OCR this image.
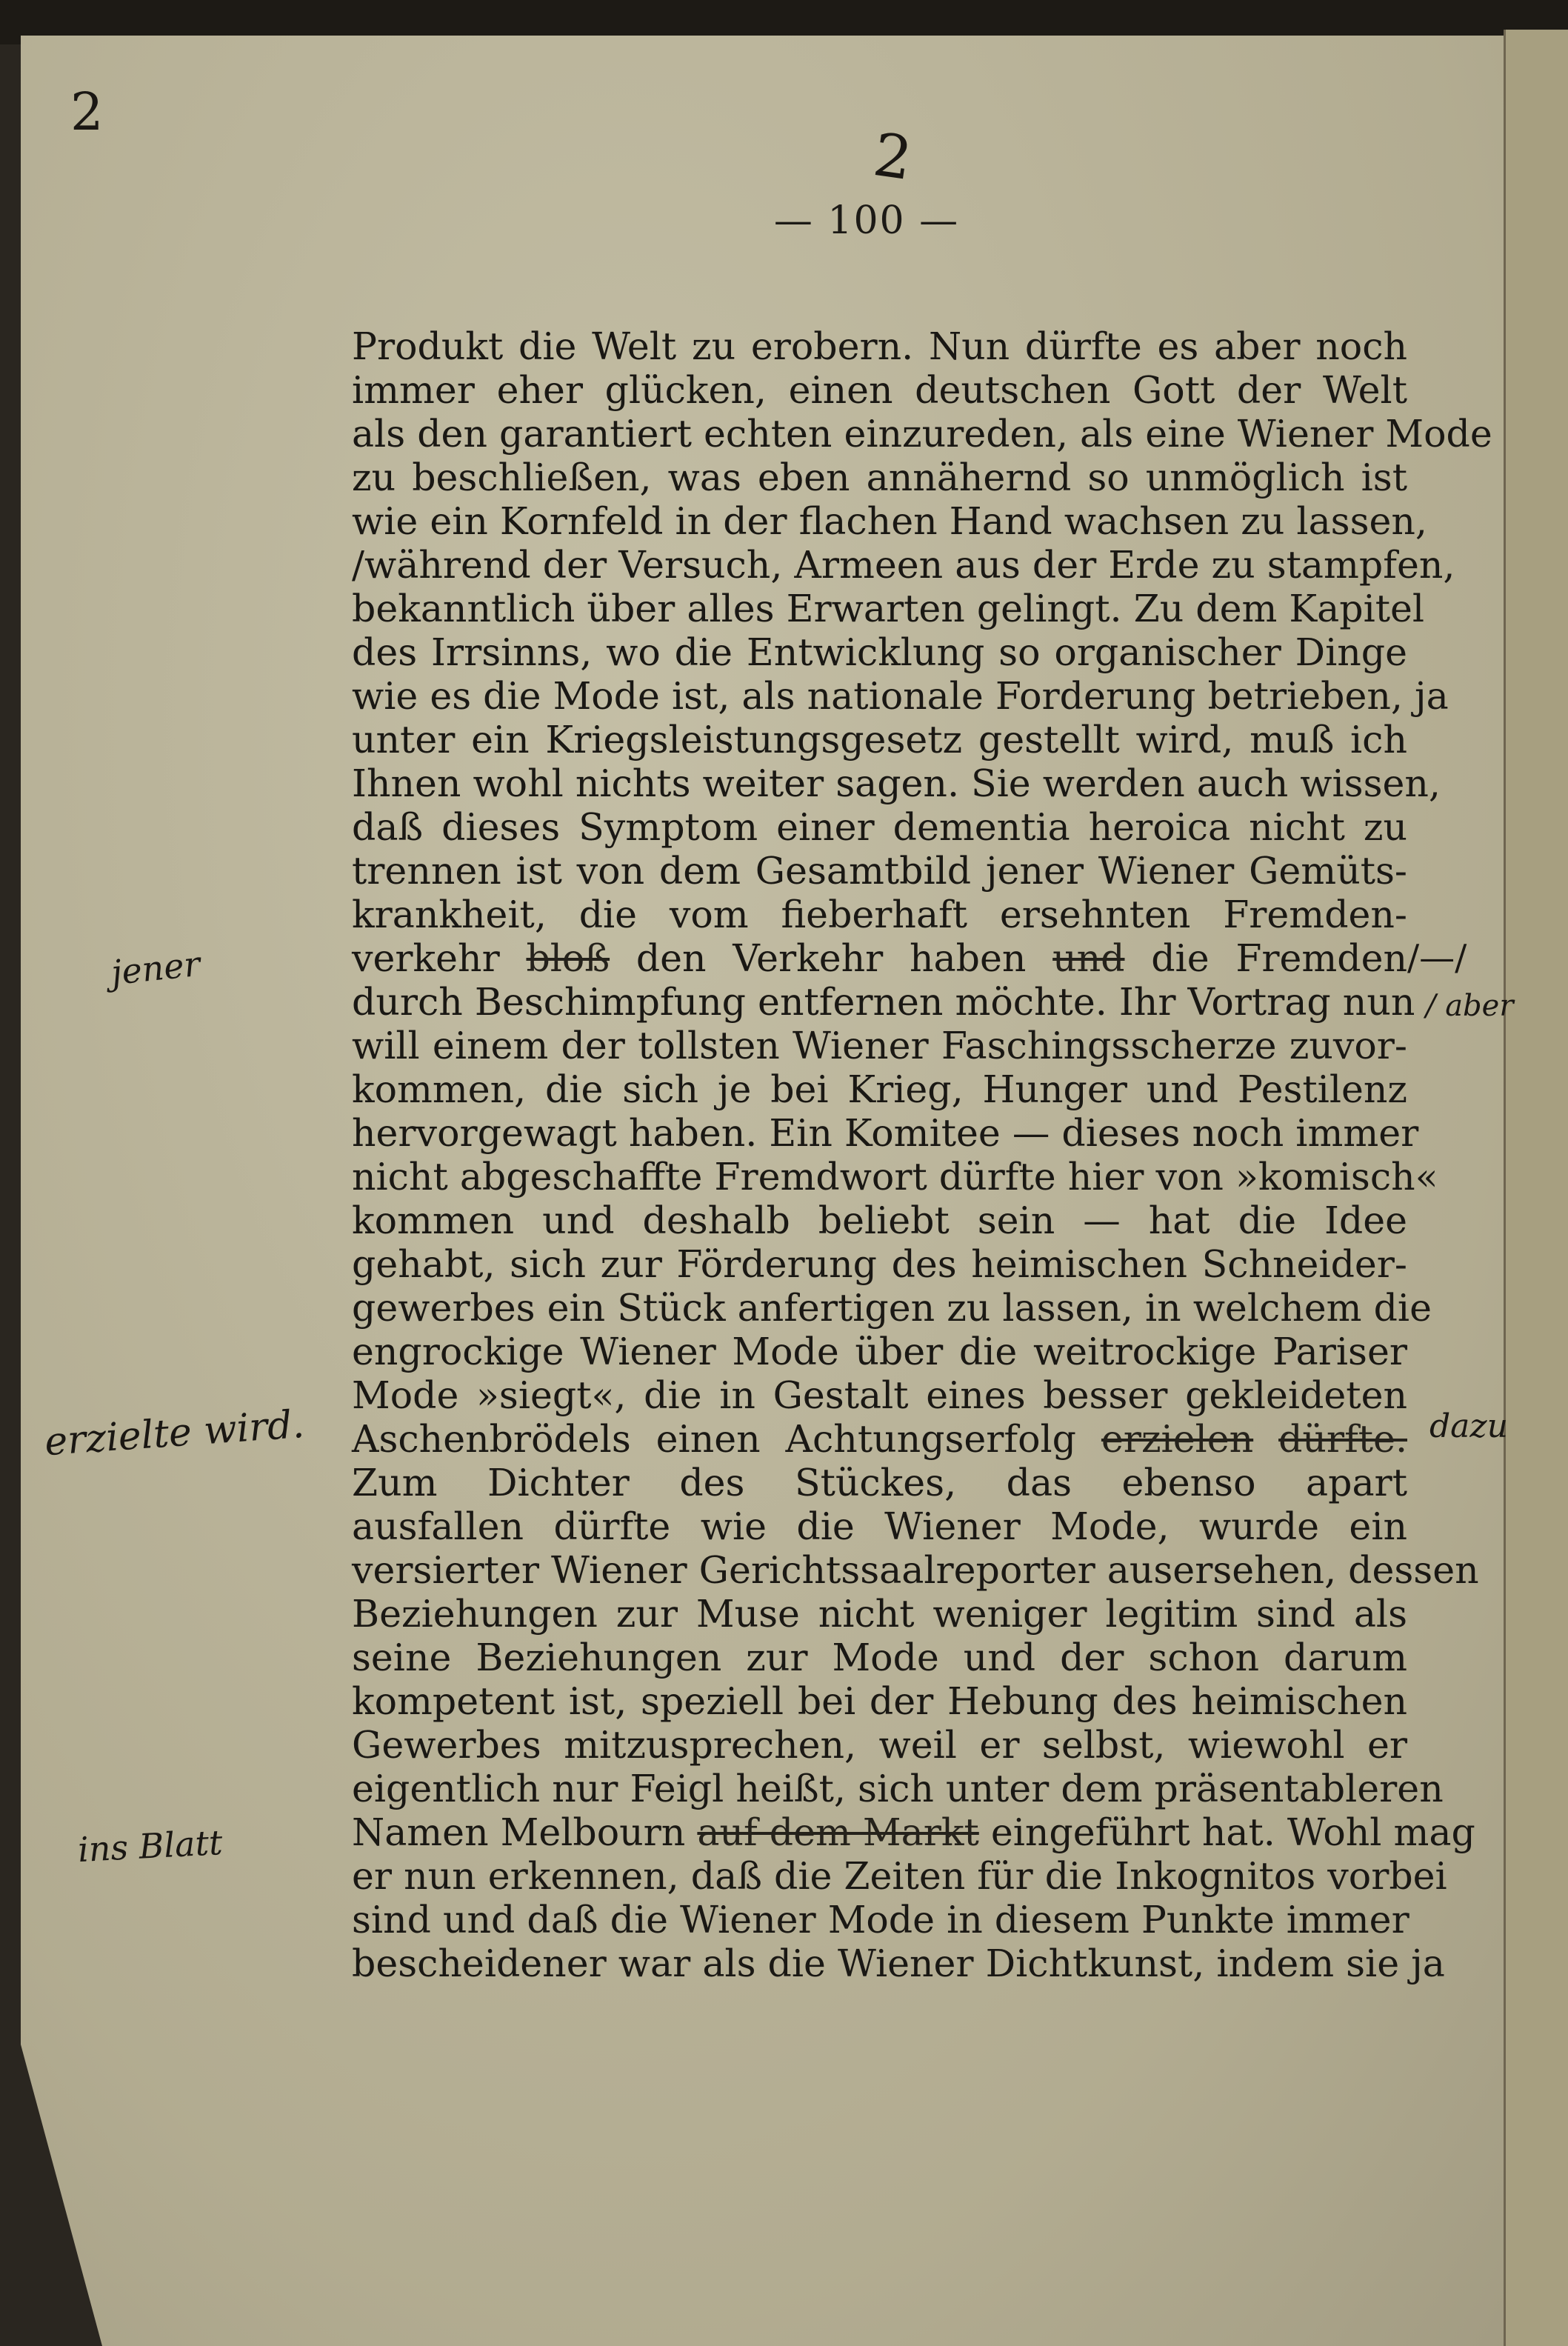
2
2
— 100 —
Produkt die Welt zu erobern. Nun dürfte es aber noch
immer eher glücken, einen deutschen Gott der Welt
als den garantiert echten einzureden, als eine Wiener Mode
zu beschließen, was eben annähernd so unmöglich ist
wie ein Kornfeld in der flachen Hand wachsen zu lassen,
/während der Versuch, Armeen aus der Erde zu stampfen,
bekanntlich über alles Erwarten gelingt. Zu dem Kapitel
des Irrsinns, wo die Entwicklung so organischer Dinge
wie es die Mode ist, als nationale Forderung betrieben, ja
unter ein Kriegsleistungsgesetz gestellt wird, muß ich
Ihnen wohl nichts weiter sagen. Sie werden auch wissen,
daß dieses Symptom einer dementia heroica nicht zu
trennen ist von dem Gesamtbild jener Wiener Gemüts-
krankheit, die vom fieberhaft ersehnten Fremden-
verkehr bloß den Verkehr haben und die Fremden
durch Beschimpfung entfernen möchte. Ihr Vortrag nun
will einem der tollsten Wiener Faschingsscherze zuvor-
kommen, die sich je bei Krieg, Hunger und Pestilenz
hervorgewagt haben. Ein Komitee — dieses noch immer
nicht abgeschaffte Fremdwort dürfte hier von »komisch«
kommen und deshalb beliebt sein — hat die Idee
gehabt, sich zur Förderung des heimischen Schneider-
gewerbes ein Stück anfertigen zu lassen, in welchem die
engrockige Wiener Mode über die weitrockige Pariser
Mode »siegt«, die in Gestalt eines besser gekleideten
Aschenbrödels einen Achtungserfolg erzielen dürfte.
Zum Dichter des Stückes, das ebenso apart
ausfallen dürfte wie die Wiener Mode, wurde ein
versierter Wiener Gerichtssaalreporter ausersehen, dessen
Beziehungen zur Muse nicht weniger legitim sind als
seine Beziehungen zur Mode und der schon darum
kompetent ist, speziell bei der Hebung des heimischen
Gewerbes mitzusprechen, weil er selbst, wiewohl er
eigentlich nur Feigl heißt, sich unter dem präsentableren
Namen Melbourn auf dem Markt eingeführt hat. Wohl mag
er nun erkennen, daß die Zeiten für die Inkognitos vorbei
sind und daß die Wiener Mode in diesem Punkte immer
bescheidener war als die Wiener Dichtkunst, indem sie ja
jener
erzielte wird.
ins Blatt
/—/
/ aber
dazu
